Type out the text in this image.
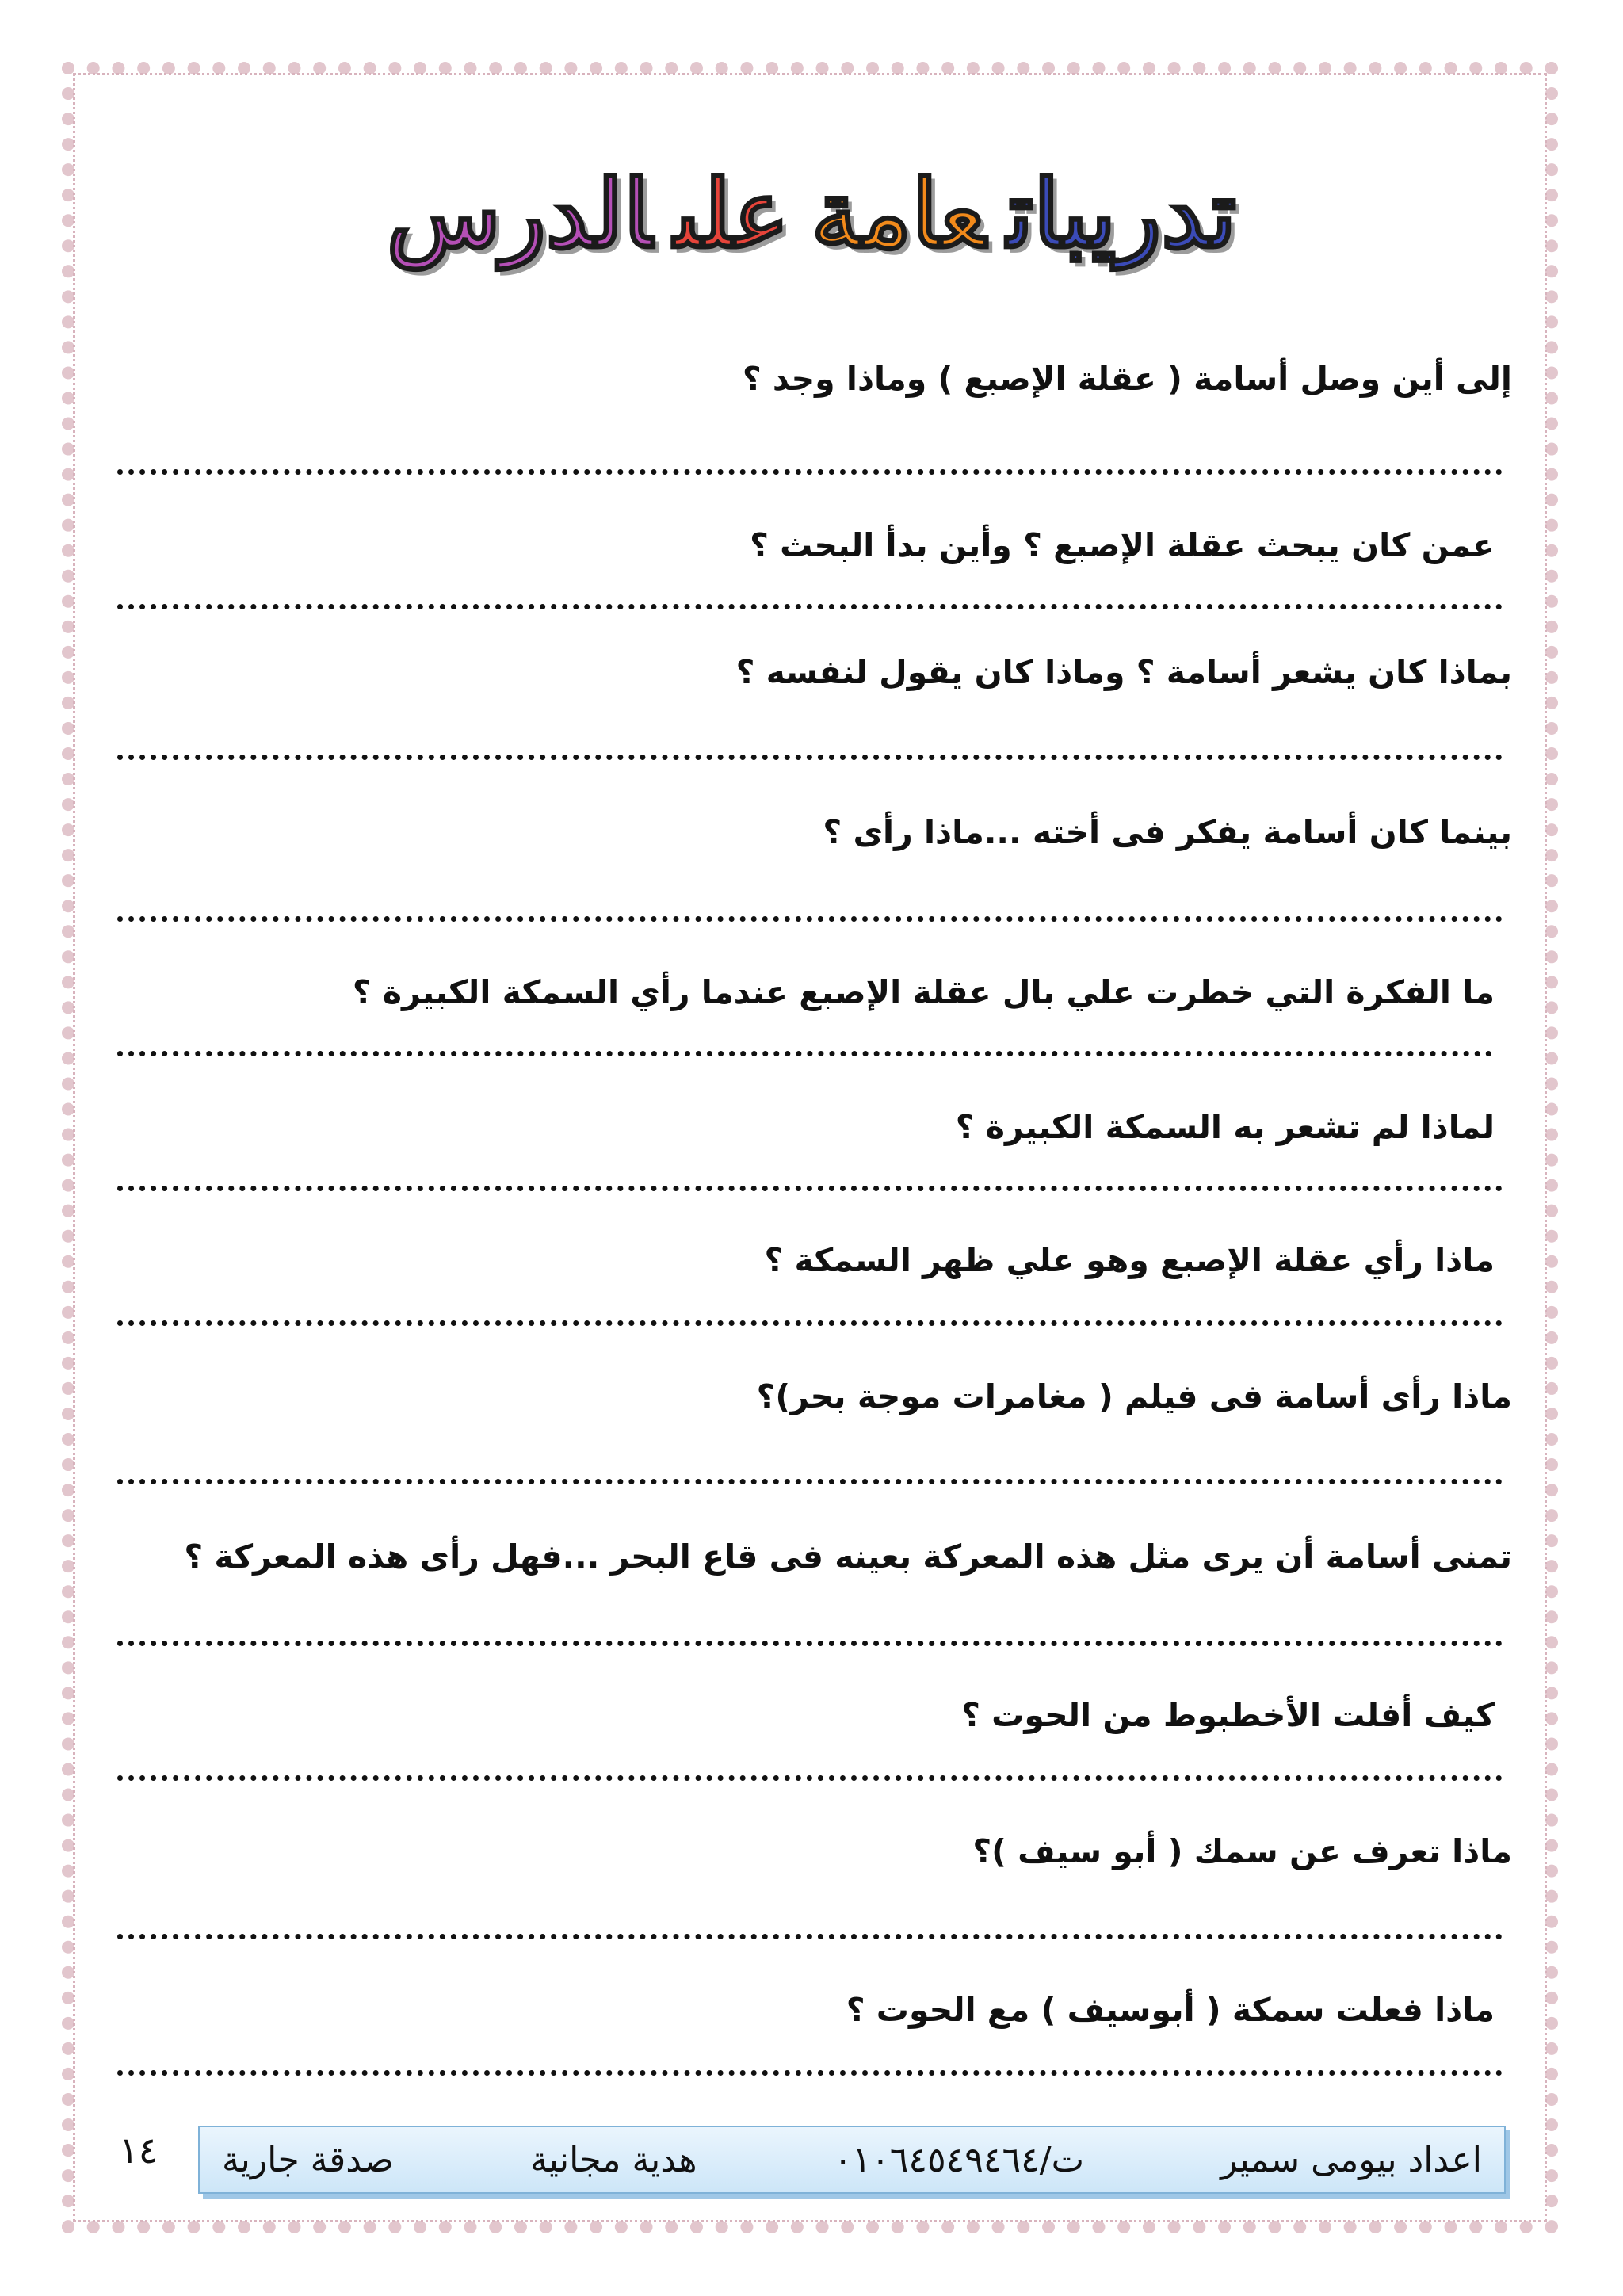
تدريباتعامةعلىالدرس
إلى أين وصل أسامة ( عقلة الإصبع ) وماذا وجد ؟
عمن كان يبحث عقلة الإصبع ؟ وأين بدأ البحث ؟
بماذا كان يشعر أسامة ؟ وماذا كان يقول لنفسه ؟
بينما كان أسامة يفكر فى أخته ...ماذا رأى ؟
ما الفكرة التي خطرت علي بال عقلة الإصبع عندما رأي السمكة الكبيرة ؟
لماذا لم تشعر به السمكة الكبيرة ؟
ماذا رأي عقلة الإصبع وهو علي ظهر السمكة ؟
ماذا رأى أسامة فى فيلم ( مغامرات موجة بحر)؟
تمنى أسامة أن يرى مثل هذه المعركة بعينه فى قاع البحر ...فهل رأى هذه المعركة ؟
كيف أفلت الأخطبوط من الحوت ؟
ماذا تعرف عن سمك ( أبو سيف )؟
ماذا فعلت سمكة ( أبوسيف ) مع الحوت ؟
اعداد بيومى سمير
ت/٠١٠٦٤٥٤٩٤٦٤
هدية مجانية
صدقة جارية
١٤
